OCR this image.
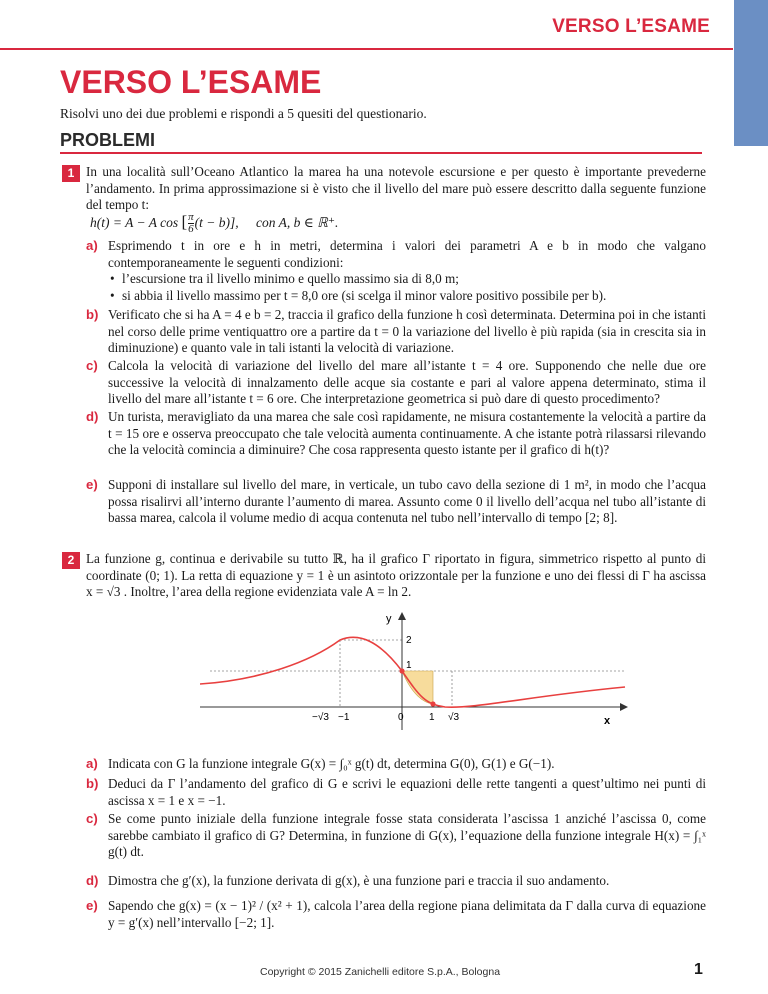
VERSO L’ESAME
VERSO L’ESAME
Risolvi uno dei due problemi e rispondi a 5 quesiti del questionario.
PROBLEMI
1 In una località sull’Oceano Atlantico la marea ha una notevole escursione e per questo è importante prevederne l’andamento. In prima approssimazione si è visto che il livello del mare può essere descritto dalla seguente funzione del tempo t:
h(t) = A − A cos [ $\frac{\pi}{6} (t - b)$], con A, b ∈ ℝ⁺.
a) Esprimendo t in ore e h in metri, determina i valori dei parametri A e b in modo che valgano contemporaneamente le seguenti condizioni:
• l’escursione tra il livello minimo e quello massimo sia di 8,0 m;
• si abbia il livello massimo per t = 8,0 ore (si scelga il minor valore positivo possibile per b).
b) Verificato che si ha A = 4 e b = 2, traccia il grafico della funzione h così determinata. Determina poi in che istanti nel corso delle prime ventiquattro ore a partire da t = 0 la variazione del livello è più rapida (sia in crescita sia in diminuzione) e quanto vale in tali istanti la velocità di variazione.
c) Calcola la velocità di variazione del livello del mare all’istante t = 4 ore. Supponendo che nelle due ore successive la velocità di innalzamento delle acque sia costante e pari al valore appena determinato, stima il livello del mare all’istante t = 6 ore. Che interpretazione geometrica si può dare di questo procedimento?
d) Un turista, meravigliato da una marea che sale così rapidamente, ne misura costantemente la velocità a partire da t = 15 ore e osserva preoccupato che tale velocità aumenta continuamente. A che istante potrà rilassarsi rilevando che la velocità comincia a diminuire? Che cosa rappresenta questo istante per il grafico di h(t)?
e) Supponi di installare sul livello del mare, in verticale, un tubo cavo della sezione di 1 m², in modo che l’acqua possa risalirvi all’interno durante l’aumento di marea. Assunto come 0 il livello dell’acqua nel tubo all’istante di bassa marea, calcola il volume medio di acqua contenuta nel tubo nell’intervallo di tempo [2; 8].
2 La funzione g, continua e derivabile su tutto ℝ, ha il grafico Γ riportato in figura, simmetrico rispetto al punto di coordinate (0; 1). La retta di equazione y = 1 è un asintoto orizzontale per la funzione e uno dei flessi di Γ ha ascissa x = √3 . Inoltre, l’area della regione evidenziata vale A = ln 2.
y
x
2
1
−√3 −1	0	1 √3
a) Indicata con G la funzione integrale G(x) = ∫₀ˣ g(t) dt, determina G(0), G(1) e G(−1).
b) Deduci da Γ l’andamento del grafico di G e scrivi le equazioni delle rette tangenti a quest’ultimo nei punti di ascissa x = 1 e x = −1.
c) Se come punto iniziale della funzione integrale fosse stata considerata l’ascissa 1 anziché l’ascissa 0, come sarebbe cambiato il grafico di G? Determina, in funzione di G(x), l’equazione della funzione integrale H(x) = ∫₁ˣ g(t) dt.
d) Dimostra che g′(x), la funzione derivata di g(x), è una funzione pari e traccia il suo andamento.
e) Sapendo che g(x) = (x − 1)² / (x² + 1), calcola l’area della regione piana delimitata da Γ dalla curva di equazione y = g′(x) nell’intervallo [−2; 1].
Copyright © 2015 Zanichelli editore S.p.A., Bologna	1
